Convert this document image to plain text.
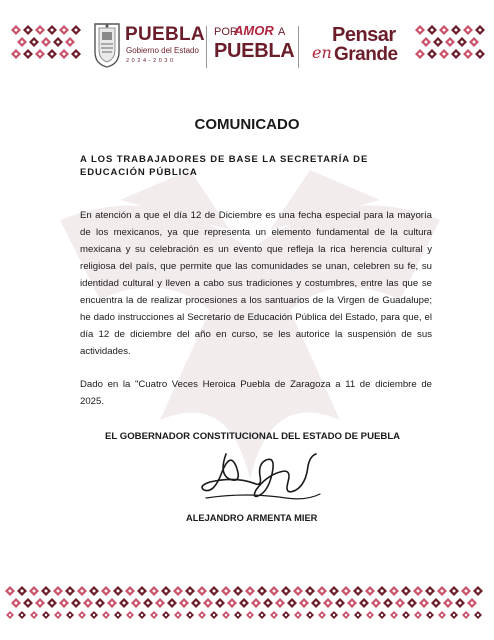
PUEBLA
Gobierno del Estado
2024-2030
POR
AMOR A
PUEBLA
Pensar
en Grande
COMUNICADO
A LOS TRABAJADORES DE BASE LA SECRETARÍA DE EDUCACIÓN PÚBLICA
En atención a que el día 12 de Diciembre es una fecha especial para la mayoría de los mexicanos, ya que representa un elemento fundamental de la cultura mexicana y su celebración es un evento que refleja la rica herencia cultural y religiosa del país, que permite que las comunidades se unan, celebren su fe, su identidad cultural y lleven a cabo sus tradiciones y costumbres, entre las que se encuentra la de realizar procesiones a los santuarios de la Virgen de Guadalupe; he dado instrucciones al Secretario de Educación Pública del Estado, para que, el día 12 de diciembre del año en curso, se les autorice la suspensión de sus actividades.
Dado en la "Cuatro Veces Heroica Puebla de Zaragoza a 11 de diciembre de 2025.
EL GOBERNADOR CONSTITUCIONAL DEL ESTADO DE PUEBLA
ALEJANDRO ARMENTA MIER
